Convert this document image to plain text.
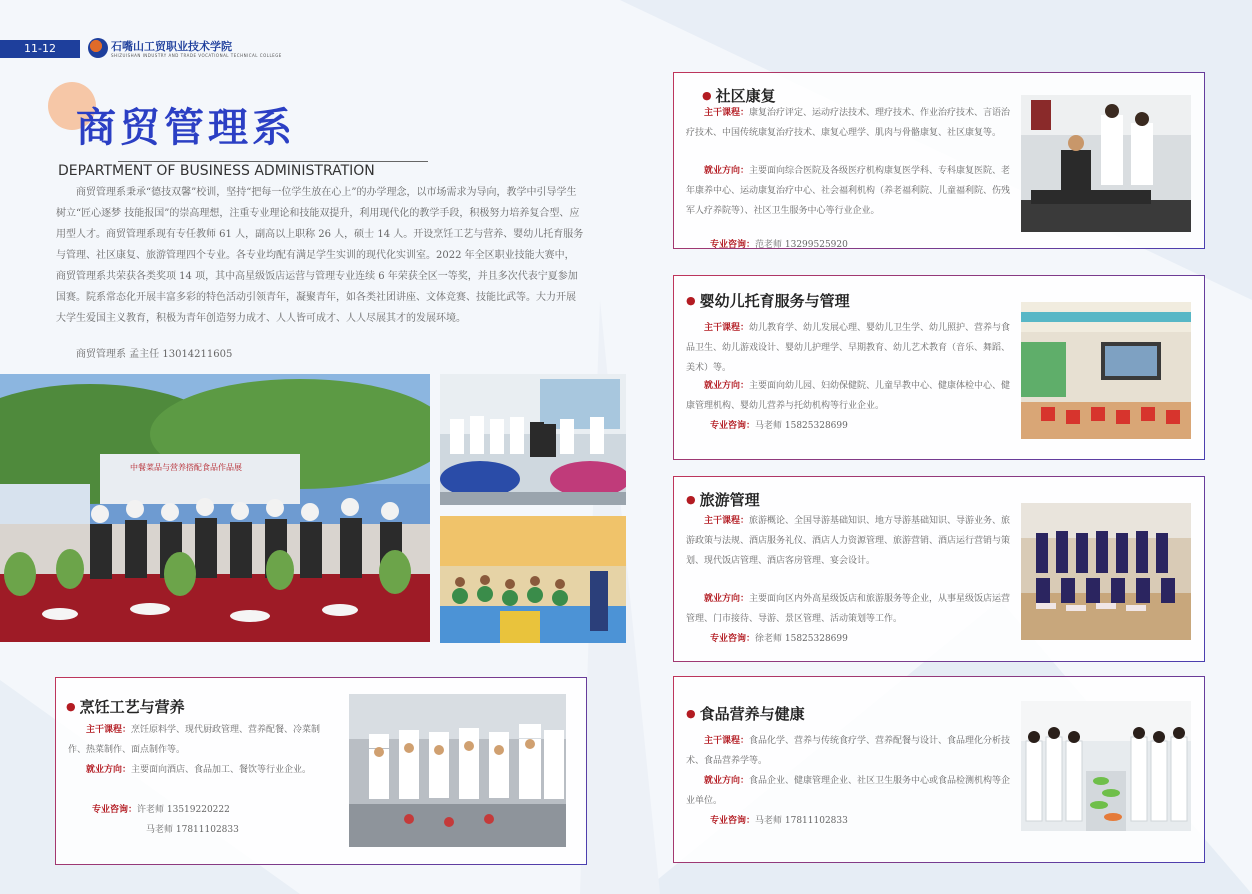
11-12	石嘴山工贸职业技术学院
SHIZUISHAN INDUSTRY AND TRADE VOCATIONAL TECHNICAL COLLEGE
商贸管理系
DEPARTMENT OF BUSINESS ADMINISTRATION

商贸管理系秉承“德技双馨”校训，坚持“把每一位学生放在心上”的办学理念，以市场需求为导向，教学中引导学生树立“匠心逐梦 技能报国”的崇高理想，注重专业理论和技能双提升，利用现代化的教学手段，积极努力培养复合型、应用型人才。商贸管理系现有专任教师 61 人，副高以上职称 26 人，硕士 14 人。开设烹饪工艺与营养、婴幼儿托育服务与管理、社区康复、旅游管理四个专业。各专业均配有满足学生实训的现代化实训室。2022 年全区职业技能大赛中，商贸管理系共荣获各类奖项 14 项，其中高星级饭店运营与管理专业连续 6 年荣获全区一等奖，并且多次代表宁夏参加国赛。院系常态化开展丰富多彩的特色活动引领青年，凝聚青年，如各类社团讲座、文体竞赛、技能比武等。大力开展大学生爱国主义教育，积极为青年创造努力成才、人人皆可成才、人人尽展其才的发展环境。

商贸管理系 孟主任 13014211605
中餐菜品与营养搭配食品作品展
● 烹饪工艺与营养

主干课程：烹饪原料学、现代厨政管理、营养配餐、冷菜制作、热菜制作、面点制作等。

就业方向：主要面向酒店、食品加工、餐饮等行业企业。

专业咨询：许老师 13519220222

马老师 17811102833

● 社区康复

主干课程：康复治疗评定、运动疗法技术、理疗技术、作业治疗技术、言语治疗技术、中国传统康复治疗技术、康复心理学、肌肉与骨骼康复、社区康复等。

就业方向：主要面向综合医院及各级医疗机构康复医学科、专科康复医院、老年康养中心、运动康复治疗中心、社会福利机构（养老福利院、儿童福利院、伤残军人疗养院等）、社区卫生服务中心等行业企业。

专业咨询：范老师 13299525920

● 婴幼儿托育服务与管理

主干课程：幼儿教育学、幼儿发展心理、婴幼儿卫生学、幼儿照护、营养与食品卫生、幼儿游戏设计、婴幼儿护理学、早期教育、幼儿艺术教育（音乐、舞蹈、美术）等。

就业方向：主要面向幼儿园、妇幼保健院、儿童早教中心、健康体检中心、健康管理机构、婴幼儿营养与托幼机构等行业企业。

专业咨询：马老师 15825328699

● 旅游管理

主干课程：旅游概论、全国导游基础知识、地方导游基础知识、导游业务、旅游政策与法规、酒店服务礼仪、酒店人力资源管理、旅游营销、酒店运行营销与策划、现代饭店管理、酒店客房管理、宴会设计。

就业方向：主要面向区内外高星级饭店和旅游服务等企业，从事星级饭店运营管理、门市接待、导游、景区管理、活动策划等工作。

专业咨询：徐老师 15825328699

● 食品营养与健康

主干课程：食品化学、营养与传统食疗学、营养配餐与设计、食品理化分析技术、食品营养学等。

就业方向：食品企业、健康管理企业、社区卫生服务中心或食品检测机构等企业单位。

专业咨询：马老师 17811102833
